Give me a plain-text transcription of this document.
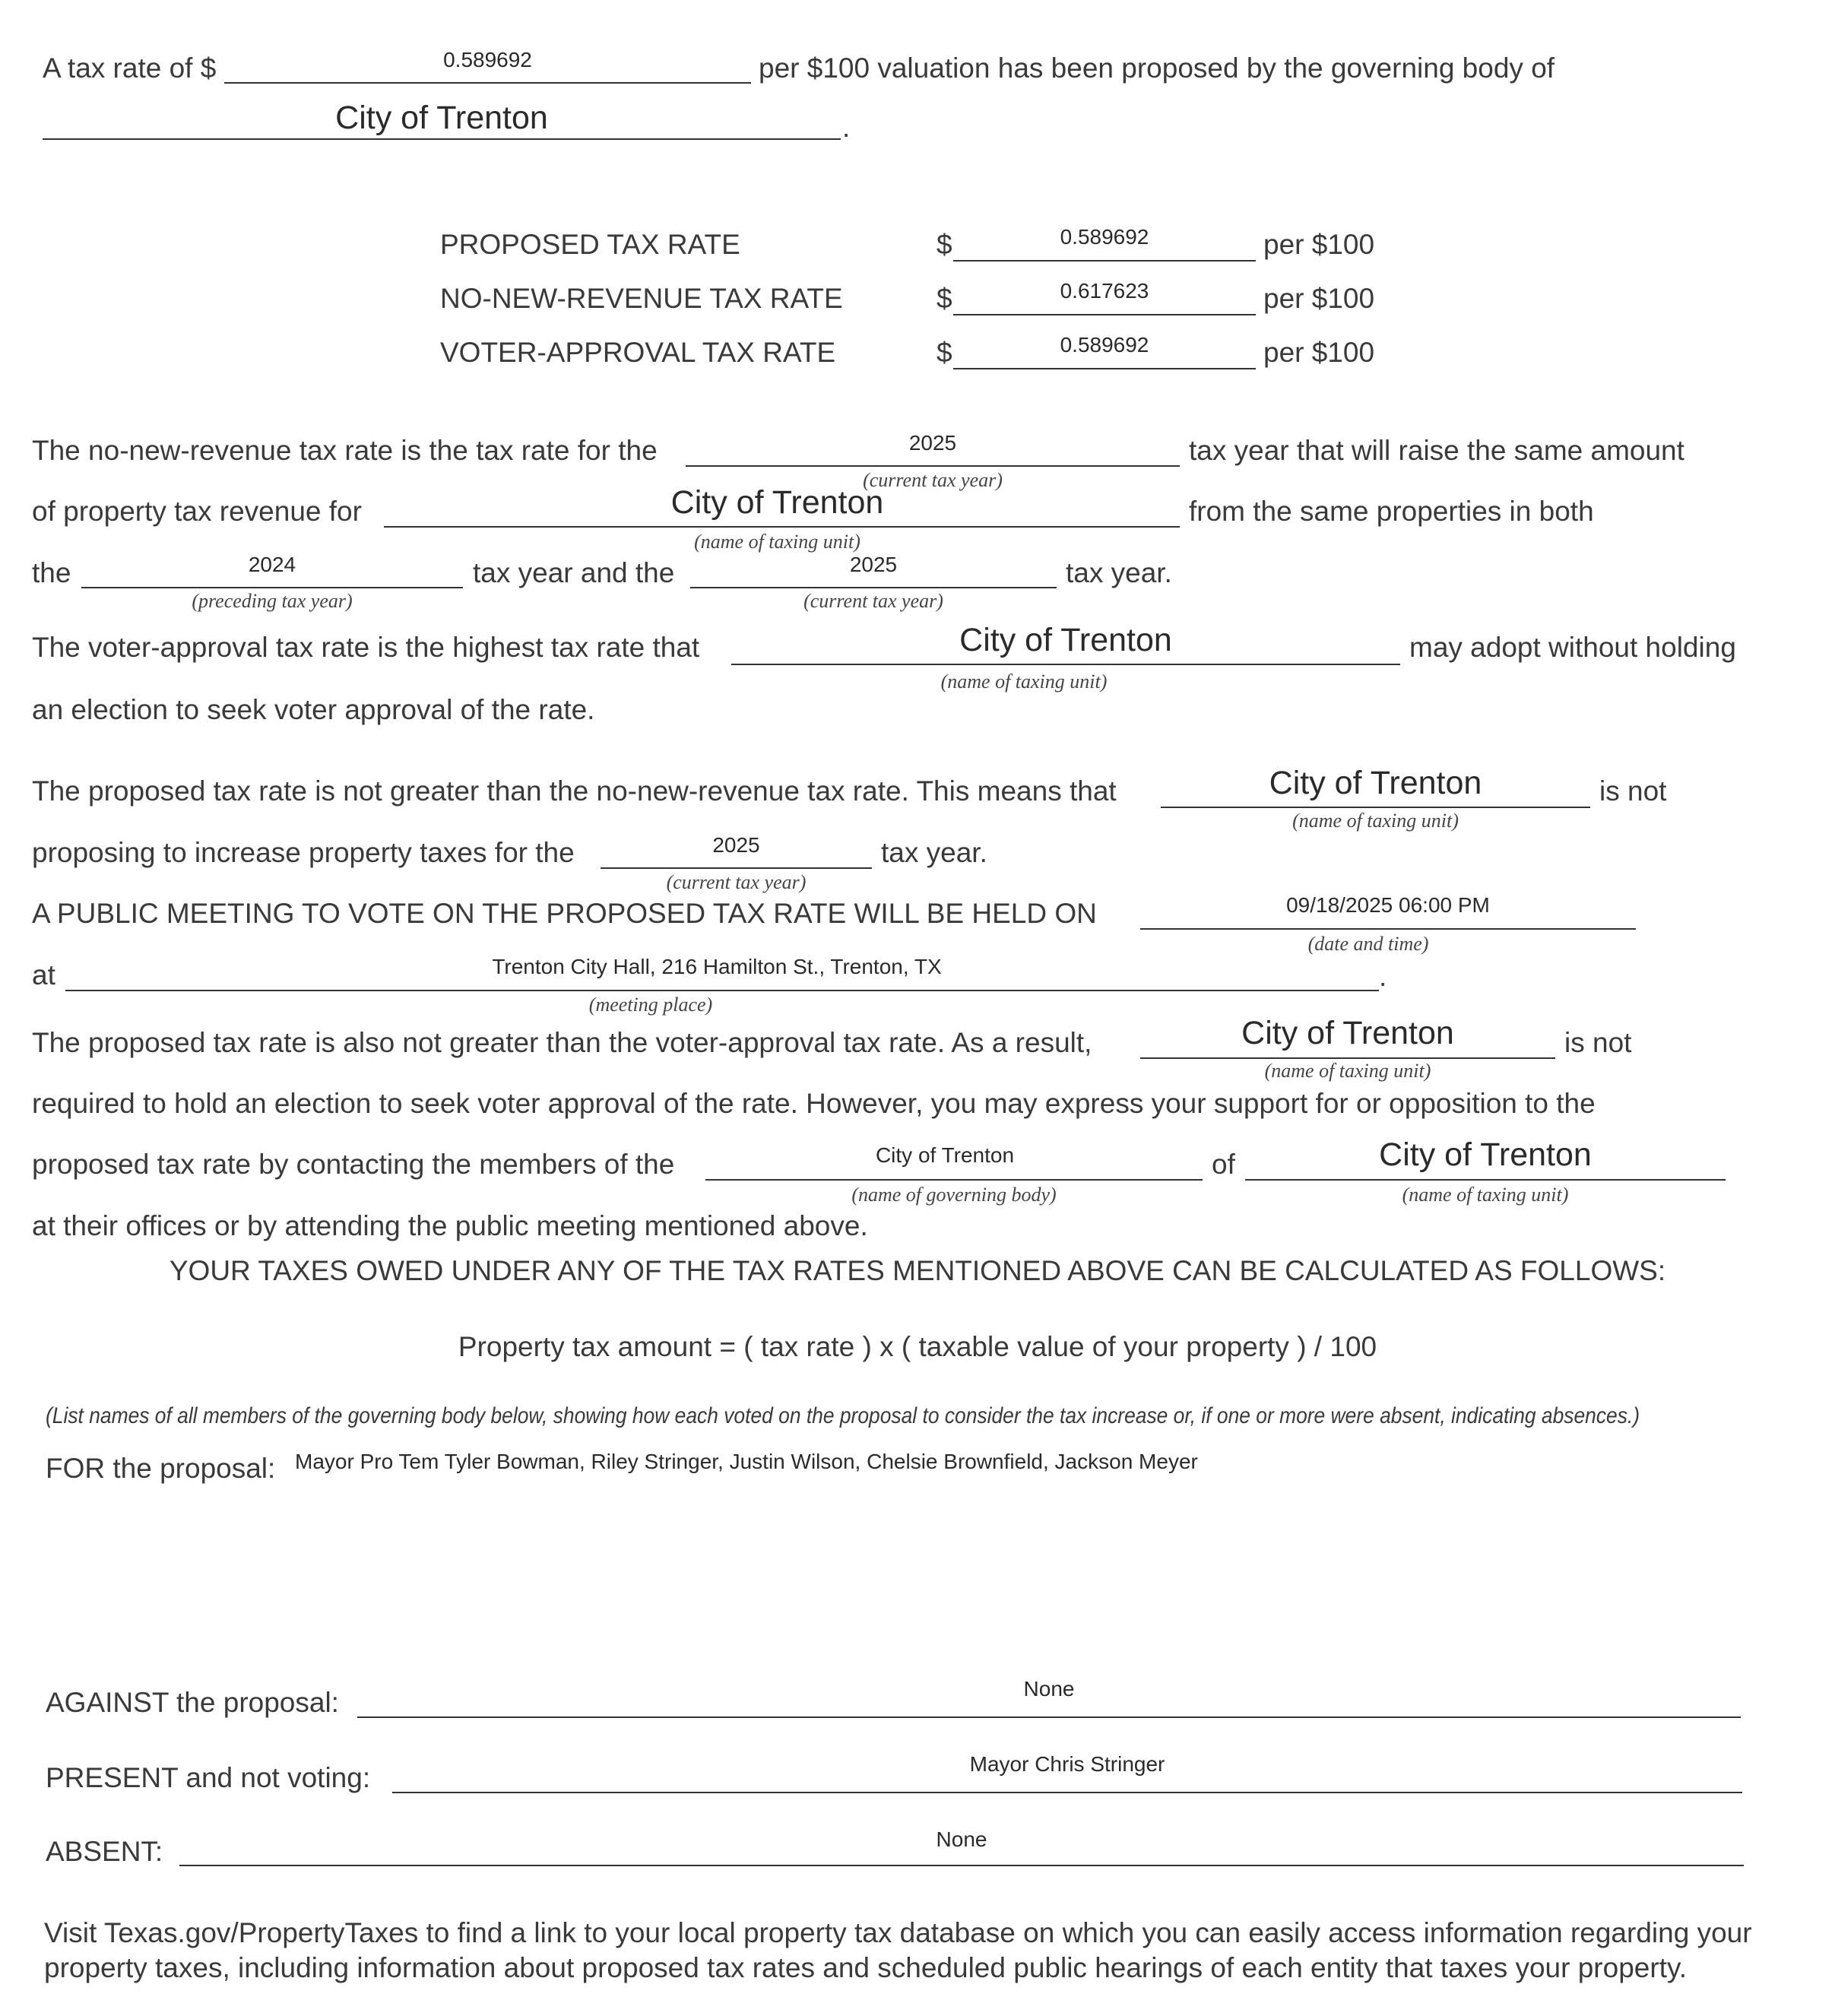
A tax rate of $	0.589692	per $100 valuation has been proposed by the governing body of
City of Trenton	.
PROPOSED TAX RATE	$	0.589692	per $100
NO-NEW-REVENUE TAX RATE	$	0.617623	per $100
VOTER-APPROVAL TAX RATE	$	0.589692	per $100
The no-new-revenue tax rate is the tax rate for the	2025
(current tax year)
tax year that will raise the same amount
of property tax revenue for	City of Trenton
(name of taxing unit)
from the same properties in both
the	2024
(preceding tax year)
tax year and the	2025
(current tax year)
tax year.
The voter-approval tax rate is the highest tax rate that	City of Trenton
(name of taxing unit)
may adopt without holding
an election to seek voter approval of the rate.
The proposed tax rate is not greater than the no-new-revenue tax rate. This means that	City of Trenton
(name of taxing unit)
is not
proposing to increase property taxes for the	2025
(current tax year)
tax year.
A PUBLIC MEETING TO VOTE ON THE PROPOSED TAX RATE WILL BE HELD ON	09/18/2025 06:00 PM
(date and time)
at	Trenton City Hall, 216 Hamilton St., Trenton, TX
(meeting place)
.
The proposed tax rate is also not greater than the voter-approval tax rate. As a result,	City of Trenton
(name of taxing unit)
is not
required to hold an election to seek voter approval of the rate. However, you may express your support for or opposition to the
proposed tax rate by contacting the members of the	City of Trenton
(name of governing body)
of	City of Trenton
(name of taxing unit)
at their offices or by attending the public meeting mentioned above.
YOUR TAXES OWED UNDER ANY OF THE TAX RATES MENTIONED ABOVE CAN BE CALCULATED AS FOLLOWS:
Property tax amount = ( tax rate ) x ( taxable value of your property ) / 100
(List names of all members of the governing body below, showing how each voted on the proposal to consider the tax increase or, if one or more were absent, indicating absences.)
FOR the proposal: Mayor Pro Tem Tyler Bowman, Riley Stringer, Justin Wilson, Chelsie Brownfield, Jackson Meyer
AGAINST the proposal:	None
PRESENT and not voting:	Mayor Chris Stringer
ABSENT:	None
Visit Texas.gov/PropertyTaxes to find a link to your local property tax database on which you can easily access information regarding your property taxes, including information about proposed tax rates and scheduled public hearings of each entity that taxes your property.
